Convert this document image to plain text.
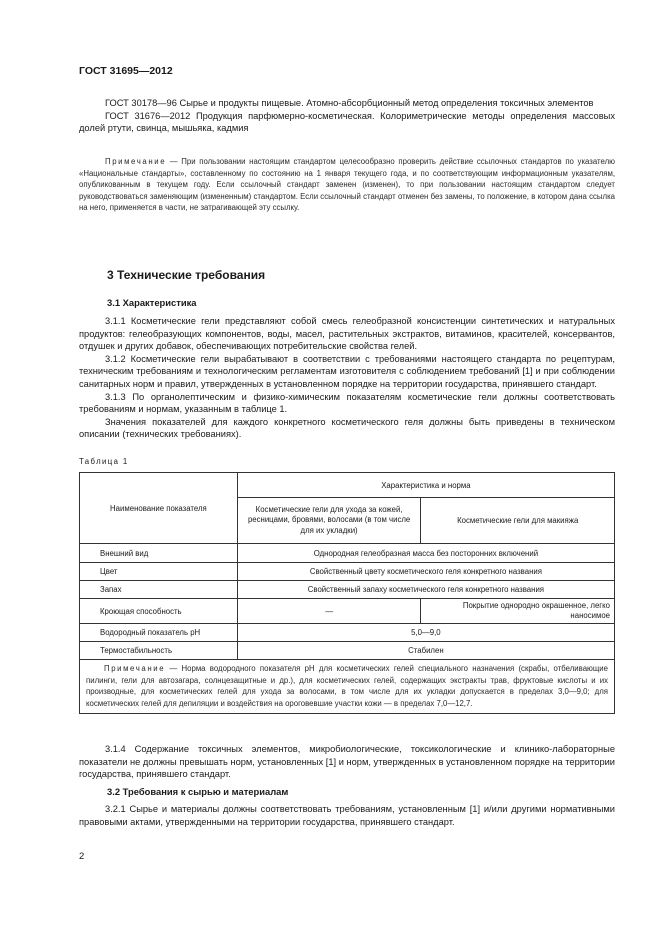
ГОСТ 31695—2012

ГОСТ 30178—96 Сырье и продукты пищевые. Атомно-абсорбционный метод определения токсичных элементов

ГОСТ 31676—2012 Продукция парфюмерно-косметическая. Колориметрические методы определения массовых долей ртути, свинца, мышьяка, кадмия

Примечание — При пользовании настоящим стандартом целесообразно проверить действие ссылочных стандартов по указателю «Национальные стандарты», составленному по состоянию на 1 января текущего года, и по соответствующим информационным указателям, опубликованным в текущем году. Если ссылочный стандарт заменен (изменен), то при пользовании настоящим стандартом следует руководствоваться заменяющим (измененным) стандартом. Если ссылочный стандарт отменен без замены, то положение, в котором дана ссылка на него, применяется в части, не затрагивающей эту ссылку.

3 Технические требования
3.1 Характеристика

3.1.1 Косметические гели представляют собой смесь гелеобразной консистенции синтетических и натуральных продуктов: гелеобразующих компонентов, воды, масел, растительных экстрактов, витаминов, красителей, консервантов, отдушек и других добавок, обеспечивающих потребительские свойства гелей.

3.1.2 Косметические гели вырабатывают в соответствии с требованиями настоящего стандарта по рецептурам, техническим требованиям и технологическим регламентам изготовителя с соблюдением требований [1] и при соблюдении санитарных норм и правил, утвержденных в установленном порядке на территории государства, принявшего стандарт.

3.1.3 По органолептическим и физико-химическим показателям косметические гели должны соответствовать требованиям и нормам, указанным в таблице 1.

Значения показателей для каждого конкретного косметического геля должны быть приведены в техническом описании (технических требованиях).

Таблица 1
Наименование показателя	Характеристика и норма	
	Косметические гели для ухода за кожей, ресницами, бровями, волосами (в том числе для их укладки)	Косметические гели для макияжа
Внешний вид	Однородная гелеобразная масса без посторонних включений	
Цвет	Свойственный цвету косметического геля конкретного названия	
Запах	Свойственный запаху косметического геля конкретного названия	
Кроющая способность	—	Покрытие однородно окрашенное, легко наносимое
Водородный показатель рН	5,0—9,0	
Термостабильность	Стабилен	

Примечание — Норма водородного показателя рН для косметических гелей специального назначения (скрабы, отбеливающие пилинги, гели для автозагара, солнцезащитные и др.), для косметических гелей, содержащих экстракты трав, фруктовые кислоты и их производные, для косметических гелей для ухода за волосами, в том числе для их укладки допускается в пределах 3,0—9,0; для косметических гелей для депиляции и воздействия на ороговевшие участки кожи — в пределах 7,0—12,7.		

3.1.4 Содержание токсичных элементов, микробиологические, токсикологические и клинико-лабораторные показатели не должны превышать норм, установленных [1] и норм, утвержденных в установленном порядке на территории государства, принявшего стандарт.

3.2 Требования к сырью и материалам

3.2.1 Сырье и материалы должны соответствовать требованиям, установленным [1] и/или другими нормативными правовыми актами, утвержденными на территории государства, принявшего стандарт.

2
